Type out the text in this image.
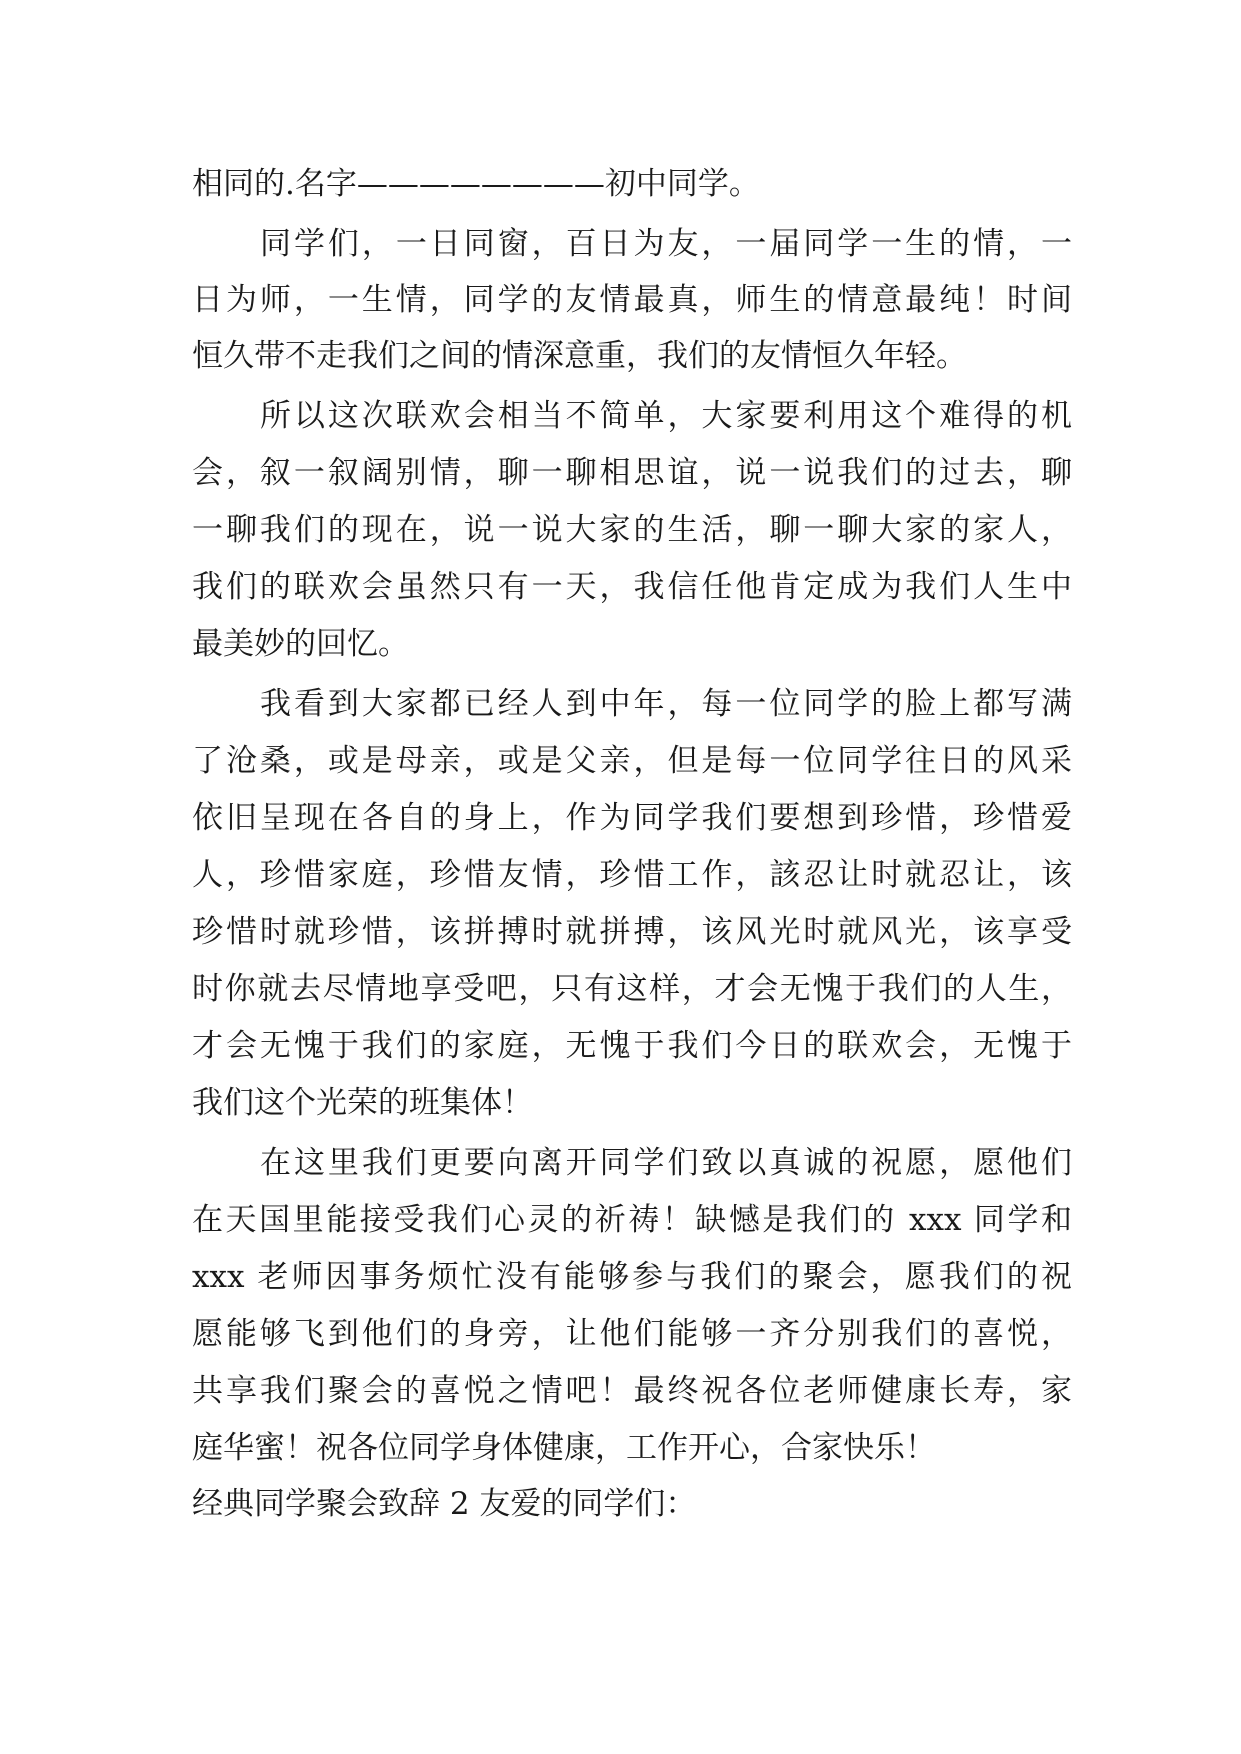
相同的.名字————————初中同学。
同学们，一日同窗，百日为友，一届同学一生的情，一
日为师，一生情，同学的友情最真，师生的情意最纯！时间
恒久带不走我们之间的情深意重，我们的友情恒久年轻。
所以这次联欢会相当不简单，大家要利用这个难得的机
会，叙一叙阔别情，聊一聊相思谊，说一说我们的过去，聊
一聊我们的现在，说一说大家的生活，聊一聊大家的家人，
我们的联欢会虽然只有一天，我信任他肯定成为我们人生中
最美妙的回忆。
我看到大家都已经人到中年，每一位同学的脸上都写满
了沧桑，或是母亲，或是父亲，但是每一位同学往日的风采
依旧呈现在各自的身上，作为同学我们要想到珍惜，珍惜爱
人，珍惜家庭，珍惜友情，珍惜工作，該忍让时就忍让，该
珍惜时就珍惜，该拼搏时就拼搏，该风光时就风光，该享受
时你就去尽情地享受吧，只有这样，才会无愧于我们的人生，
才会无愧于我们的家庭，无愧于我们今日的联欢会，无愧于
我们这个光荣的班集体！
在这里我们更要向离开同学们致以真诚的祝愿，愿他们
在天国里能接受我们心灵的祈祷！缺憾是我们的 xxx 同学和
xxx 老师因事务烦忙没有能够参与我们的聚会，愿我们的祝
愿能够飞到他们的身旁，让他们能够一齐分别我们的喜悦，
共享我们聚会的喜悦之情吧！最终祝各位老师健康长寿，家
庭华蜜！祝各位同学身体健康，工作开心，合家快乐！
经典同学聚会致辞 2 友爱的同学们：
